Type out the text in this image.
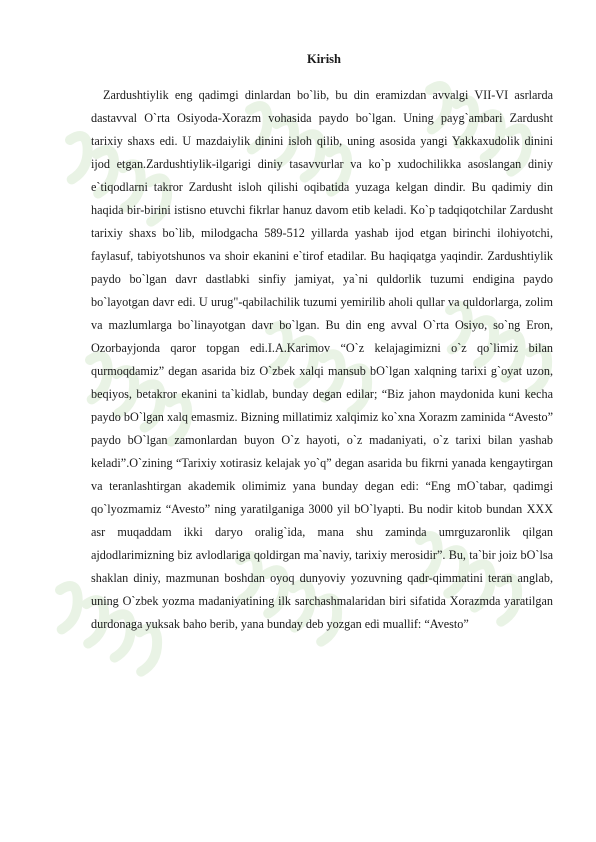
Kirish

Zardushtiylik eng qadimgi dinlardan bo`lib, bu din eramizdan avvalgi VII-VI asrlarda dastavval O`rta Osiyoda-Xorazm vohasida paydo bo`lgan. Uning payg`ambari Zardusht tarixiy shaxs edi. U mazdaiylik dinini isloh qilib, uning asosida yangi Yakkaxudolik dinini ijod etgan.Zardushtiylik-ilgarigi diniy tasavvurlar va ko`p xudochilikka asoslangan diniy e`tiqodlarni takror Zardusht isloh qilishi oqibatida yuzaga kelgan dindir. Bu qadimiy din haqida bir-birini istisno etuvchi fikrlar hanuz davom etib keladi. Ko`p tadqiqotchilar Zardusht tarixiy shaxs bo`lib, milodgacha 589-512 yillarda yashab ijod etgan birinchi ilohiyotchi, faylasuf, tabiyotshunos va shoir ekanini e`tirof etadilar. Bu haqiqatga yaqindir. Zardushtiylik paydo bo`lgan davr dastlabki sinfiy jamiyat, ya`ni quldorlik tuzumi endigina paydo bo`layotgan davr edi. U urug"-qabilachilik tuzumi yemirilib aholi qullar va quldorlarga, zolim va mazlumlarga bo`linayotgan davr bo`lgan. Bu din eng avval O`rta Osiyo, so`ng Eron, Ozorbayjonda qaror topgan edi.I.A.Karimov “O`z kelajagimizni o`z qo`limiz bilan qurmoqdamiz” degan asarida biz O`zbek xalqi mansub bO`lgan xalqning tarixi g`oyat uzon, beqiyos, betakror ekanini ta`kidlab, bunday degan edilar; “Biz jahon maydonida kuni kecha paydo bO`lgan xalq emasmiz. Bizning millatimiz xalqimiz ko`xna Xorazm zaminida “Avesto” paydo bO`lgan zamonlardan buyon O`z hayoti, o`z madaniyati, o`z tarixi bilan yashab keladi”.O`zining “Tarixiy xotirasiz kelajak yo`q” degan asarida bu fikrni yanada kengaytirgan va teranlashtirgan akademik olimimiz yana bunday degan edi: “Eng mO`tabar, qadimgi qo`lyozmamiz “Avesto” ning yaratilganiga 3000 yil bO`lyapti. Bu nodir kitob bundan XXX asr muqaddam ikki daryo oralig`ida, mana shu zaminda umrguzaronlik qilgan ajdodlarimizning biz avlodlariga qoldirgan ma`naviy, tarixiy merosidir”. Bu, ta`bir joiz bO`lsa shaklan diniy, mazmunan boshdan oyoq dunyoviy yozuvning qadr-qimmatini teran anglab, uning O`zbek yozma madaniyatining ilk sarchashmalaridan biri sifatida Xorazmda yaratilgan durdonaga yuksak baho berib, yana bunday deb yozgan edi muallif: “Avesto”
